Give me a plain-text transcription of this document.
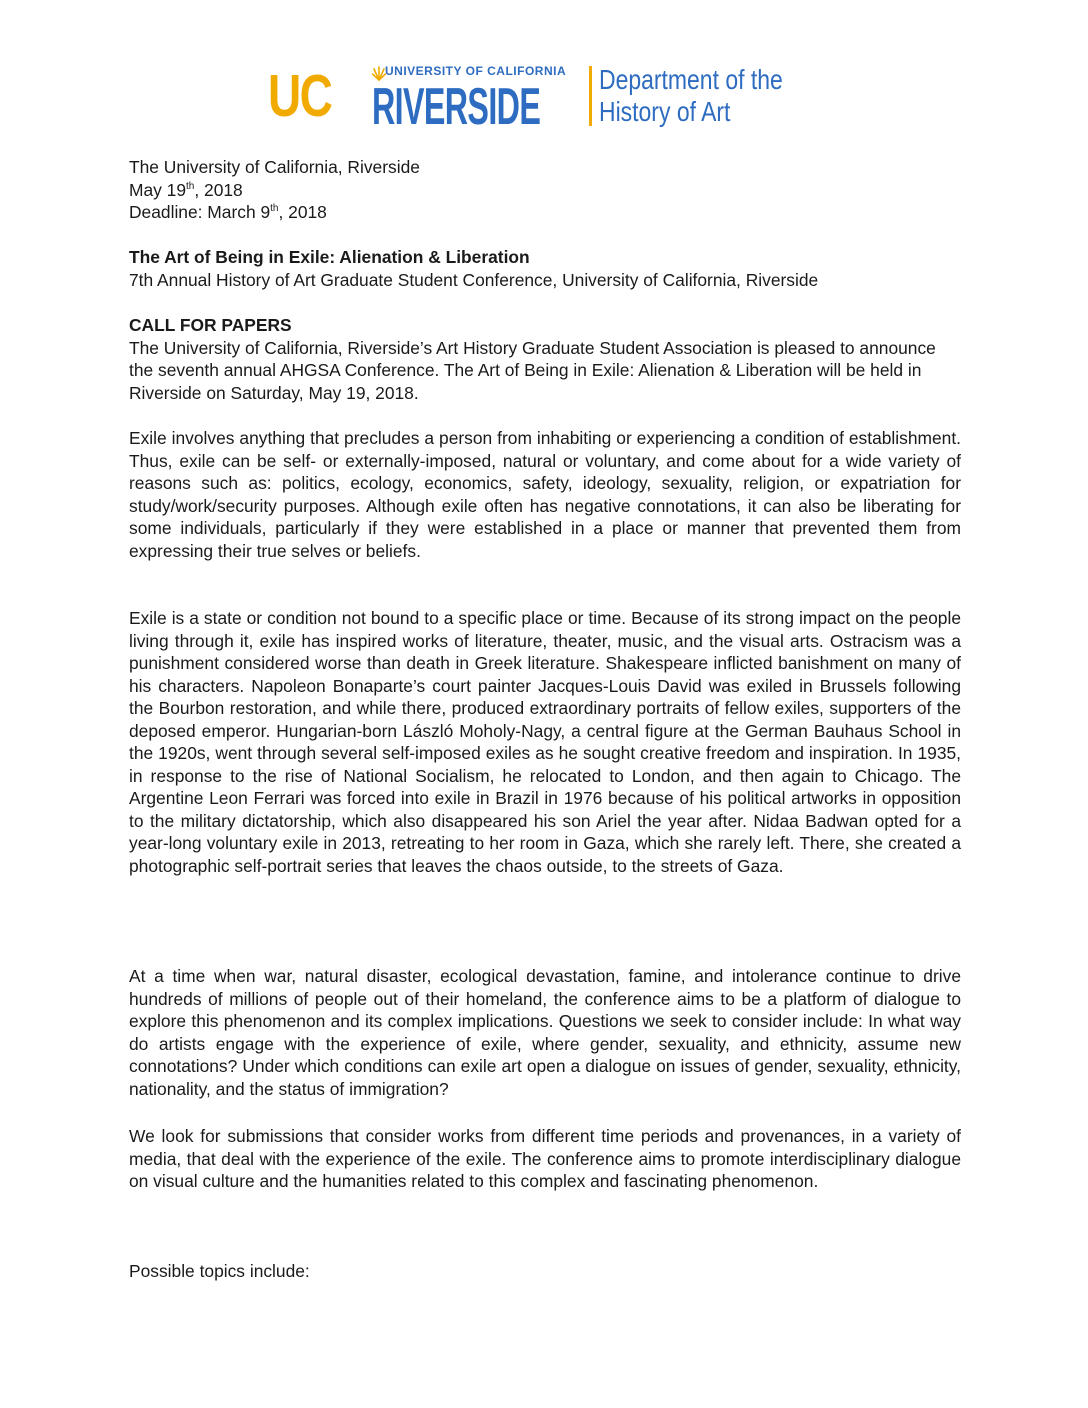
UC	UNIVERSITY OF CALIFORNIA
RIVERSIDE Department of the
History of Art

The University of California, Riverside

May 19th, 2018

Deadline: March 9th, 2018

The Art of Being in Exile: Alienation & Liberation

7th Annual History of Art Graduate Student Conference, University of California, Riverside

CALL FOR PAPERS

The University of California, Riverside’s Art History Graduate Student Association is pleased to announce the seventh annual AHGSA Conference. The Art of Being in Exile: Alienation & Liberation will be held in Riverside on Saturday, May 19, 2018.

Exile involves anything that precludes a person from inhabiting or experiencing a condition of establishment. Thus, exile can be self- or externally-imposed, natural or voluntary, and come about for a wide variety of reasons such as: politics, ecology, economics, safety, ideology, sexuality, religion, or expatriation for study/work/security purposes. Although exile often has negative connotations, it can also be liberating for some individuals, particularly if they were established in a place or manner that prevented them from expressing their true selves or beliefs.

Exile is a state or condition not bound to a specific place or time. Because of its strong impact on the people living through it, exile has inspired works of literature, theater, music, and the visual arts. Ostracism was a punishment considered worse than death in Greek literature. Shakespeare inflicted banishment on many of his characters. Napoleon Bonaparte’s court painter Jacques-Louis David was exiled in Brussels following the Bourbon restoration, and while there, produced extraordinary portraits of fellow exiles, supporters of the deposed emperor. Hungarian-born László Moholy-Nagy, a central figure at the German Bauhaus School in the 1920s, went through several self-imposed exiles as he sought creative freedom and inspiration. In 1935, in response to the rise of National Socialism, he relocated to London, and then again to Chicago. The Argentine Leon Ferrari was forced into exile in Brazil in 1976 because of his political artworks in opposition to the military dictatorship, which also disappeared his son Ariel the year after. Nidaa Badwan opted for a year-long voluntary exile in 2013, retreating to her room in Gaza, which she rarely left. There, she created a photographic self-portrait series that leaves the chaos outside, to the streets of Gaza.

At a time when war, natural disaster, ecological devastation, famine, and intolerance continue to drive hundreds of millions of people out of their homeland, the conference aims to be a platform of dialogue to explore this phenomenon and its complex implications. Questions we seek to consider include: In what way do artists engage with the experience of exile, where gender, sexuality, and ethnicity, assume new connotations? Under which conditions can exile art open a dialogue on issues of gender, sexuality, ethnicity, nationality, and the status of immigration?

We look for submissions that consider works from different time periods and provenances, in a variety of media, that deal with the experience of the exile. The conference aims to promote interdisciplinary dialogue on visual culture and the humanities related to this complex and fascinating phenomenon.

Possible topics include:
